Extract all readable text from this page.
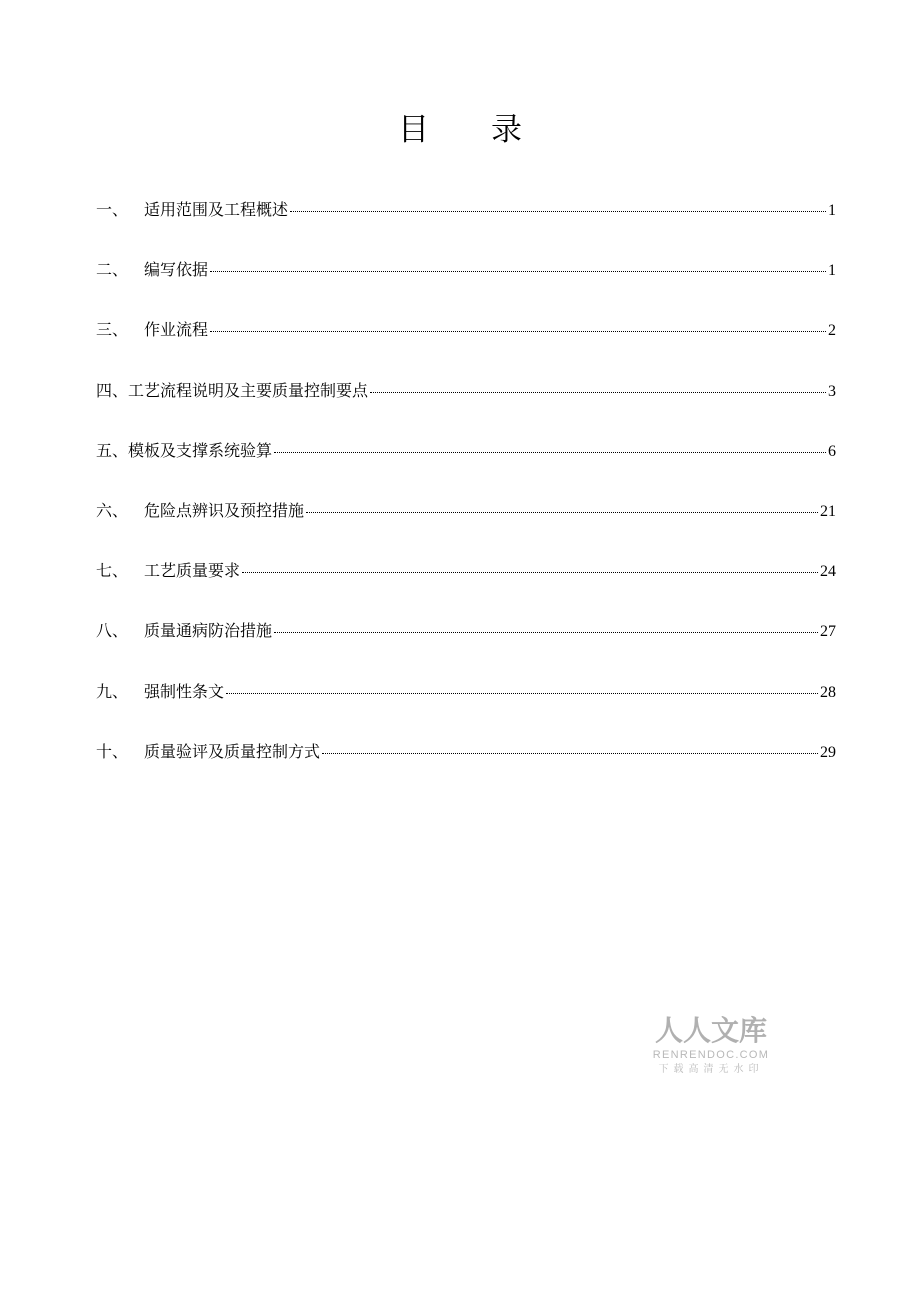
目 录
一、 适用范围及工程概述	1
二、 编写依据	1
三、 作业流程	2
四、 工艺流程说明及主要质量控制要点	3
五、 模板及支撑系统验算	6
六、 危险点辨识及预控措施	21
七、 工艺质量要求	24
八、 质量通病防治措施	27
九、 强制性条文	28
十、 质量验评及质量控制方式	29
人人文库
RENRENDOC.COM
下载高清无水印
